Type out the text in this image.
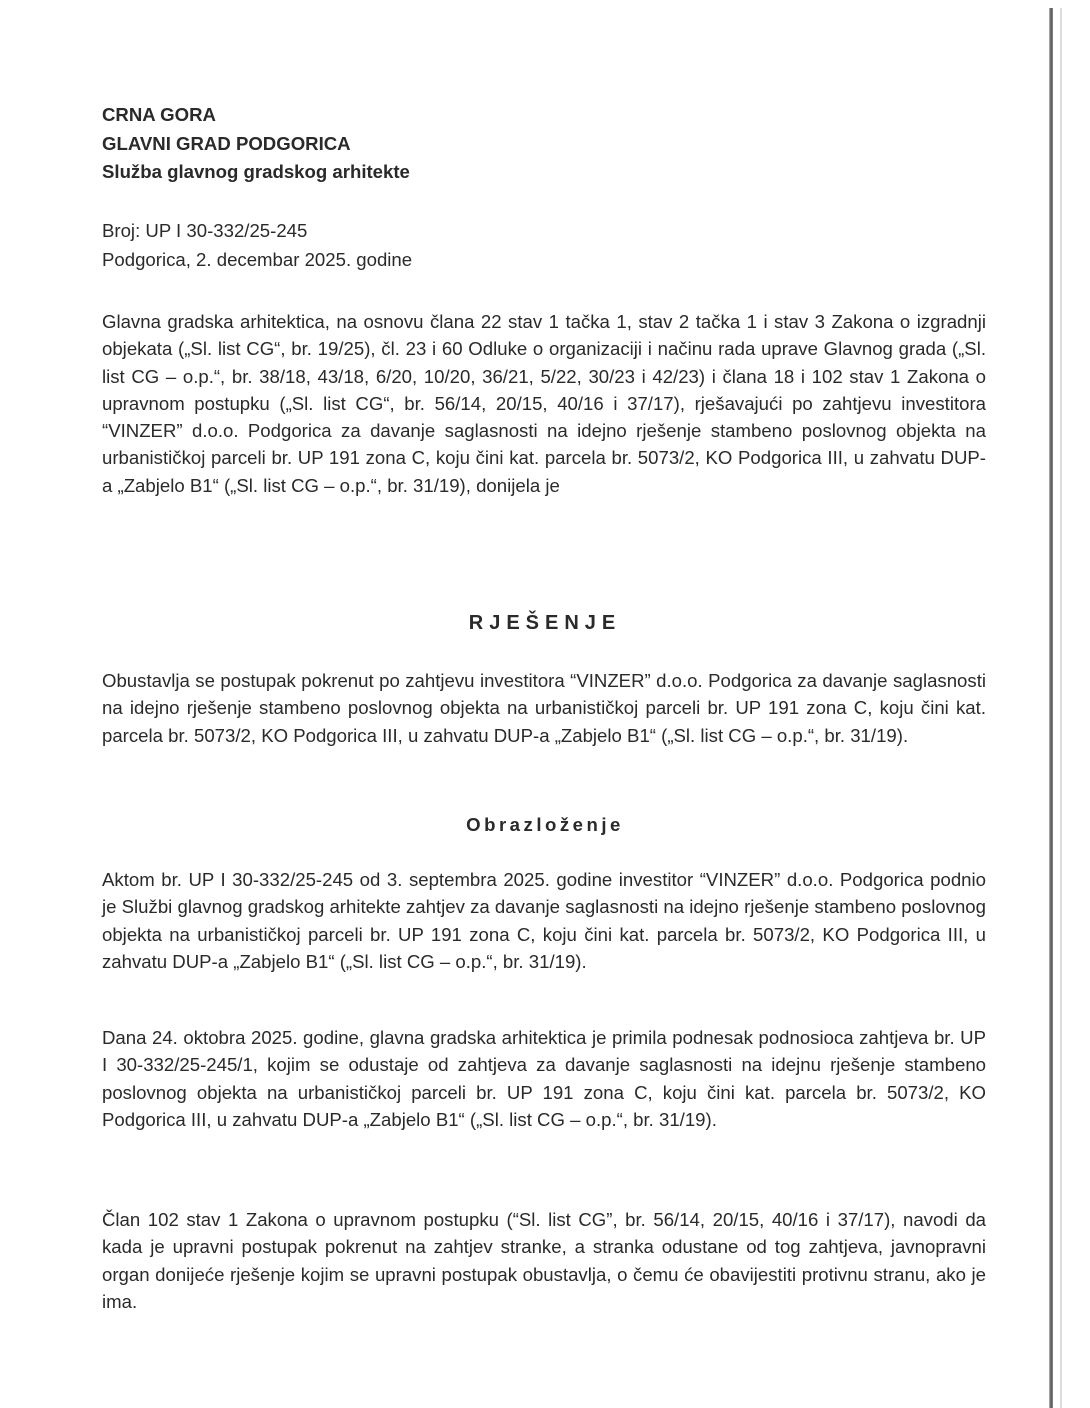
CRNA GORA
GLAVNI GRAD PODGORICA
Služba glavnog gradskog arhitekte
Broj: UP I 30-332/25-245
Podgorica, 2. decembar 2025. godine

Glavna gradska arhitektica, na osnovu člana 22 stav 1 tačka 1, stav 2 tačka 1 i stav 3 Zakona o izgradnji objekata („Sl. list CG“, br. 19/25), čl. 23 i 60 Odluke o organizaciji i načinu rada uprave Glavnog grada („Sl. list CG – o.p.“, br. 38/18, 43/18, 6/20, 10/20, 36/21, 5/22, 30/23 i 42/23) i člana 18 i 102 stav 1 Zakona o upravnom postupku („Sl. list CG“, br. 56/14, 20/15, 40/16 i 37/17), rješavajući po zahtjevu investitora “VINZER” d.o.o. Podgorica za davanje saglasnosti na idejno rješenje stambeno poslovnog objekta na urbanističkoj parceli br. UP 191 zona C, koju čini kat. parcela br. 5073/2, KO Podgorica III, u zahvatu DUP-a „Zabjelo B1“ („Sl. list CG – o.p.“, br. 31/19), donijela je

RJEŠENJE

Obustavlja se postupak pokrenut po zahtjevu investitora “VINZER” d.o.o. Podgorica za davanje saglasnosti na idejno rješenje stambeno poslovnog objekta na urbanističkoj parceli br. UP 191 zona C, koju čini kat. parcela br. 5073/2, KO Podgorica III, u zahvatu DUP-a „Zabjelo B1“ („Sl. list CG – o.p.“, br. 31/19).

Obrazloženje

Aktom br. UP I 30-332/25-245 od 3. septembra 2025. godine investitor “VINZER” d.o.o. Podgorica podnio je Službi glavnog gradskog arhitekte zahtjev za davanje saglasnosti na idejno rješenje stambeno poslovnog objekta na urbanističkoj parceli br. UP 191 zona C, koju čini kat. parcela br. 5073/2, KO Podgorica III, u zahvatu DUP-a „Zabjelo B1“ („Sl. list CG – o.p.“, br. 31/19).

Dana 24. oktobra 2025. godine, glavna gradska arhitektica je primila podnesak podnosioca zahtjeva br. UP I 30-332/25-245/1, kojim se odustaje od zahtjeva za davanje saglasnosti na idejnu rješenje stambeno poslovnog objekta na urbanističkoj parceli br. UP 191 zona C, koju čini kat. parcela br. 5073/2, KO Podgorica III, u zahvatu DUP-a „Zabjelo B1“ („Sl. list CG – o.p.“, br. 31/19).

Član 102 stav 1 Zakona o upravnom postupku (“Sl. list CG”, br. 56/14, 20/15, 40/16 i 37/17), navodi da kada je upravni postupak pokrenut na zahtjev stranke, a stranka odustane od tog zahtjeva, javnopravni organ donijeće rješenje kojim se upravni postupak obustavlja, o čemu će obavijestiti protivnu stranu, ako je ima.
